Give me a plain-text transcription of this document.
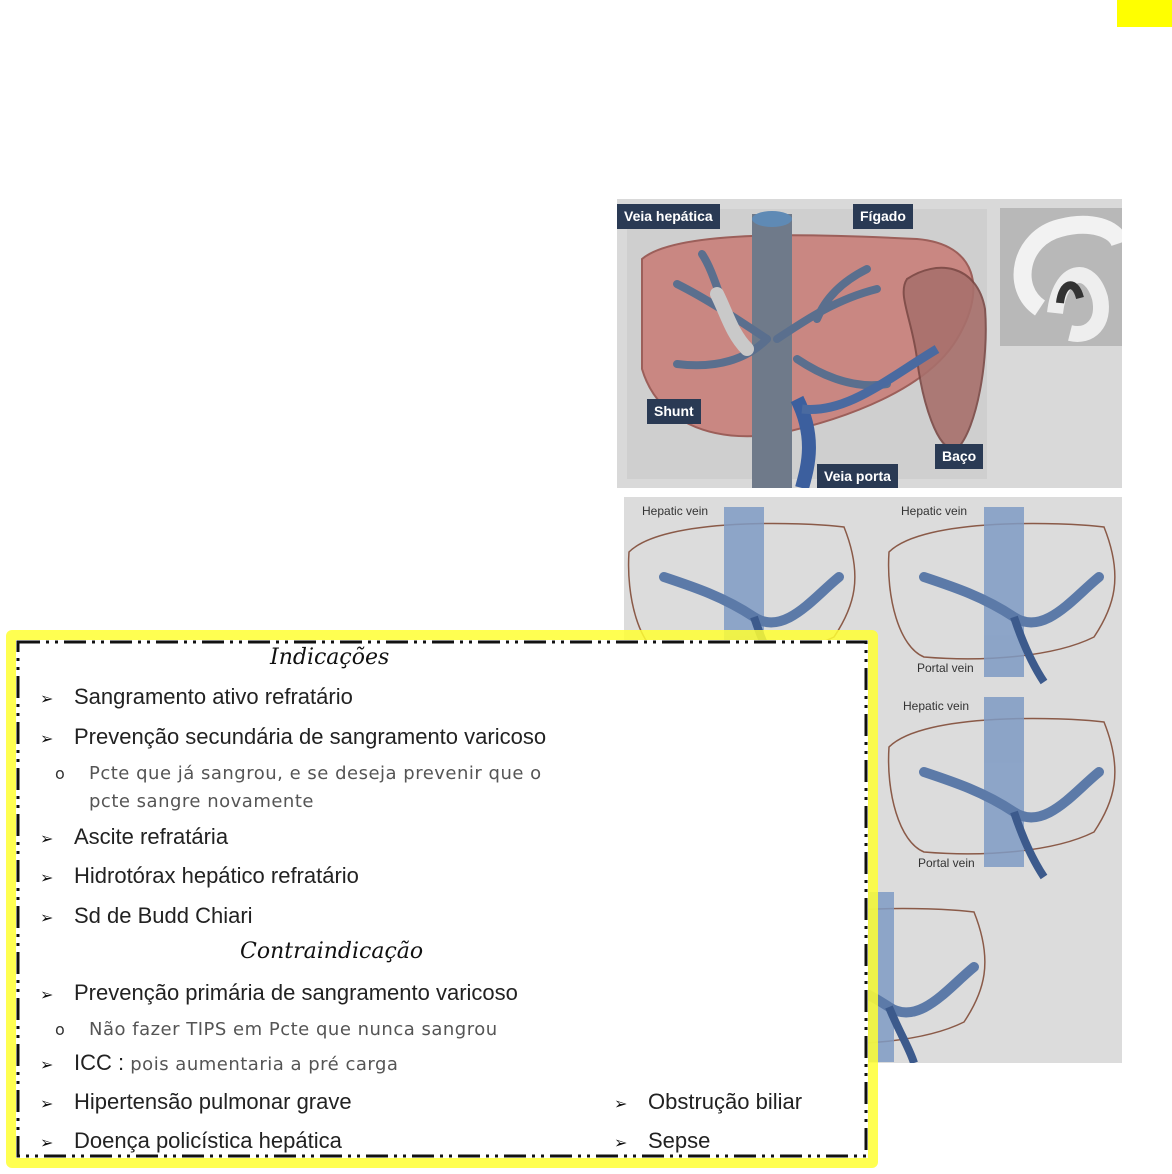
Veia hepática	Fígado
Shunt
Baço
Veia porta
Hepatic vein	Hepatic vein
Portal vein
Hepatic vein
Portal vein
Indicações
➢ Sangramento ativo refratário
➢ Prevenção secundária de sangramento varicoso
o Pcte que já sangrou, e se deseja prevenir que o
pcte sangre novamente
➢ Ascite refratária
➢ Hidrotórax hepático refratário
➢ Sd de Budd Chiari
Contraindicação
➢ Prevenção primária de sangramento varicoso
o Não fazer TIPS em Pcte que nunca sangrou
➢ ICC : pois aumentaria a pré carga
➢ Hipertensão pulmonar grave
➢ Doença policística hepática
➢ Obstrução biliar
➢ Sepse
